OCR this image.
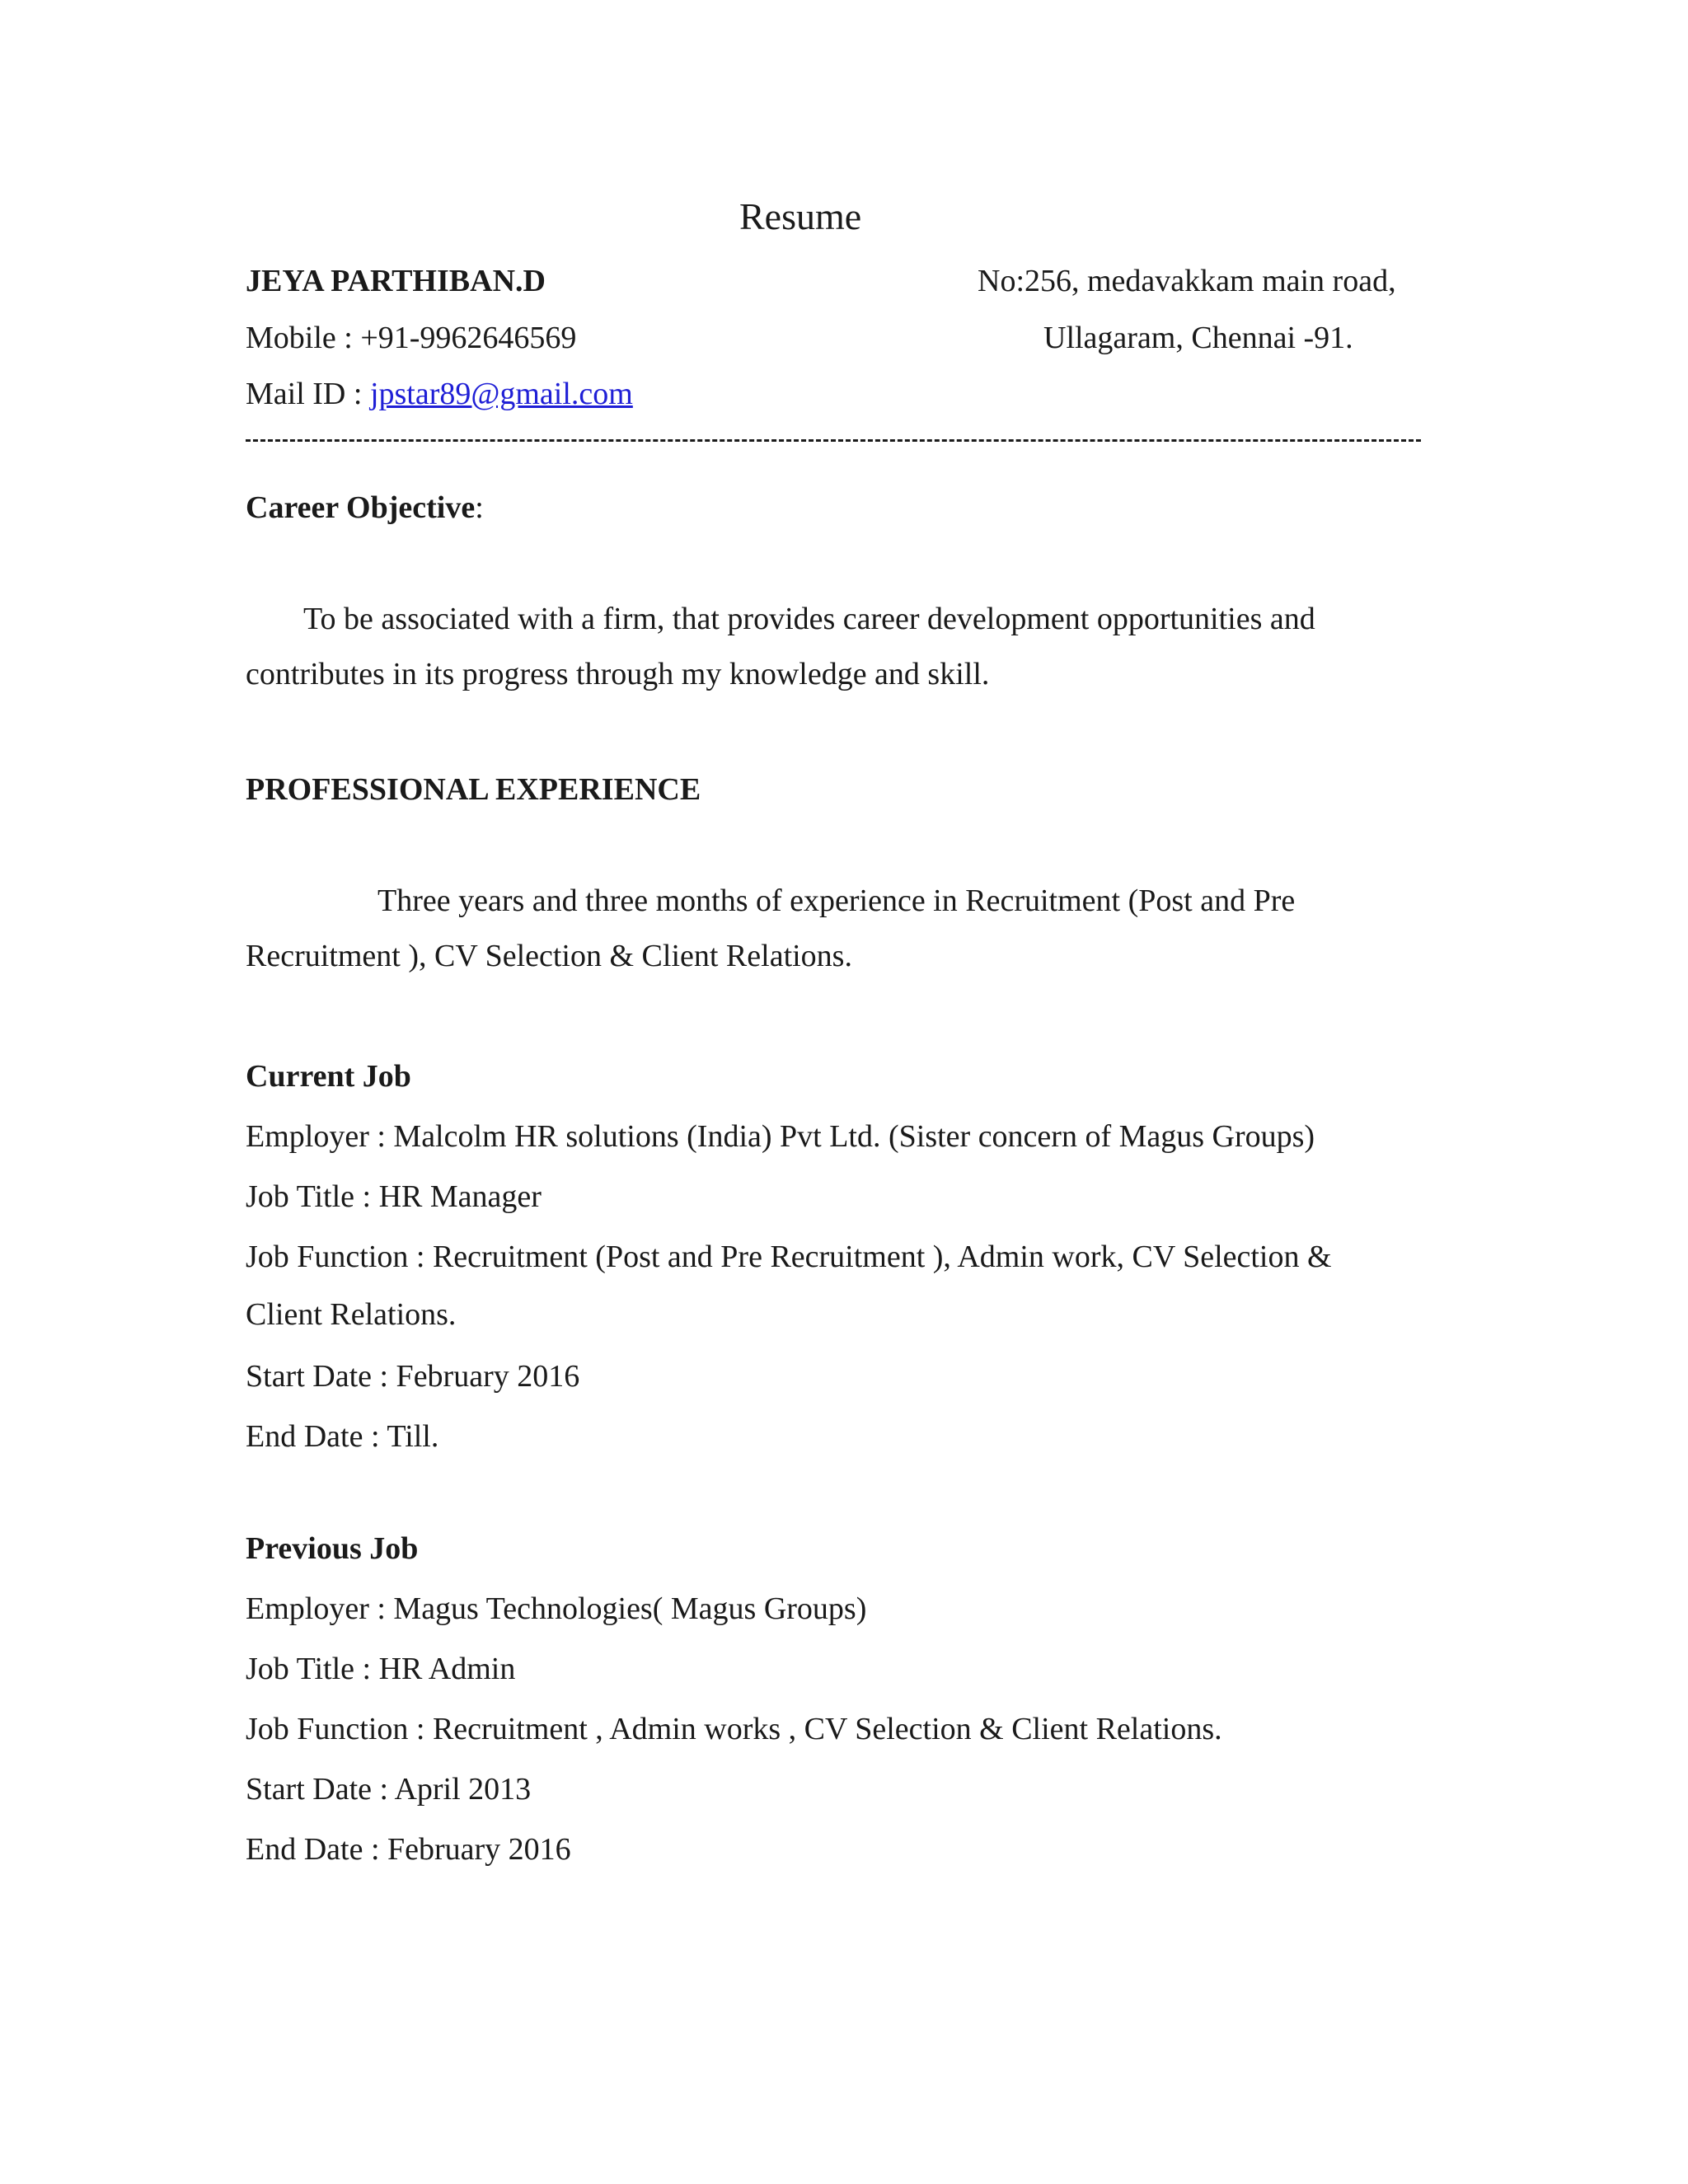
Resume
JEYA PARTHIBAN.D	No:256, medavakkam main road,
Mobile : +91-9962646569	Ullagaram, Chennai -91.
Mail ID : jpstar89@gmail.com
Career Objective:
To be associated with a firm, that provides career development opportunities and contributes in its progress through my knowledge and skill.
PROFESSIONAL EXPERIENCE
Three years and three months of experience in Recruitment (Post and Pre Recruitment ), CV Selection & Client Relations.
Current Job
Employer : Malcolm HR solutions (India) Pvt Ltd. (Sister concern of Magus Groups)
Job Title : HR Manager
Job Function : Recruitment (Post and Pre Recruitment ), Admin work, CV Selection & Client Relations.
Start Date : February 2016
End Date : Till.
Previous Job
Employer : Magus Technologies( Magus Groups)
Job Title : HR Admin
Job Function : Recruitment , Admin works , CV Selection & Client Relations.
Start Date : April 2013
End Date : February 2016
